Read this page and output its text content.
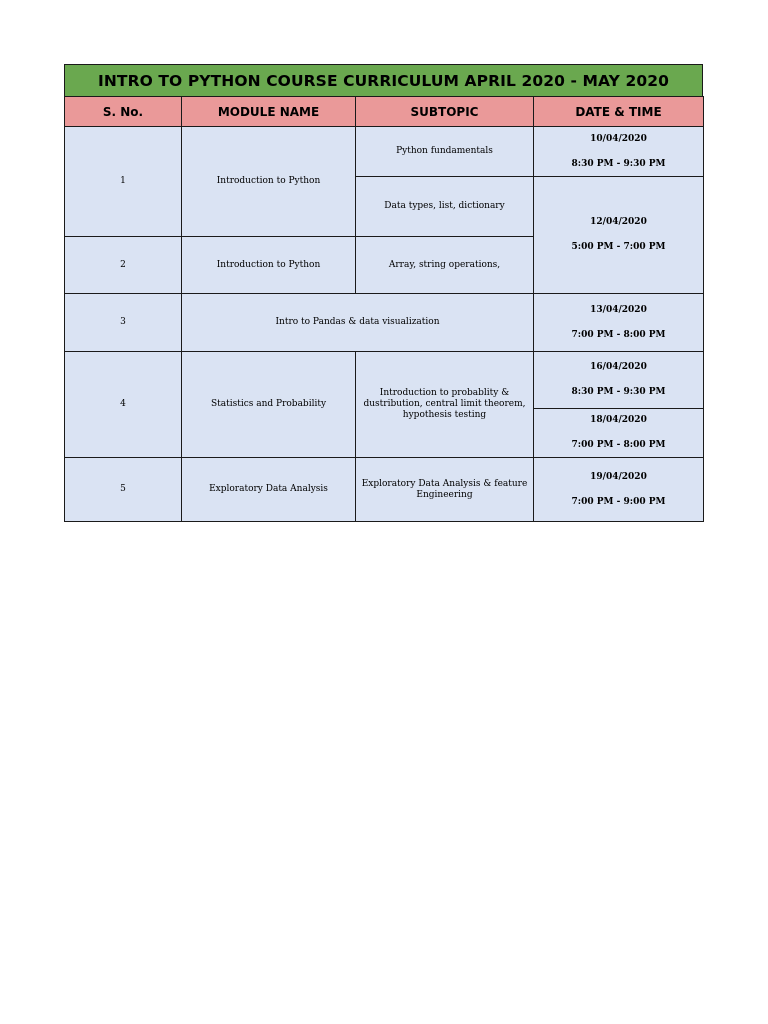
INTRO TO PYTHON COURSE CURRICULUM APRIL 2020 - MAY 2020
S. No.	MODULE NAME	SUBTOPIC	DATE & TIME
1	Introduction to Python	Python fundamentals	10/04/2020
8:30 PM - 9:30 PM

		Data types, list, dictionary	12/04/2020
5:00 PM - 7:00 PM

2	Introduction to Python	Array, string operations,	
3	Intro to Pandas & data visualization		13/04/2020
7:00 PM - 8:00 PM

4	Statistics and Probability	Introduction to probablity & dustribution, central limit theorem, hypothesis testing	16/04/2020
8:30 PM - 9:30 PM

			18/04/2020
7:00 PM - 8:00 PM

5	Exploratory Data Analysis	Exploratory Data Analysis & feature Engineering	19/04/2020
7:00 PM - 9:00 PM
